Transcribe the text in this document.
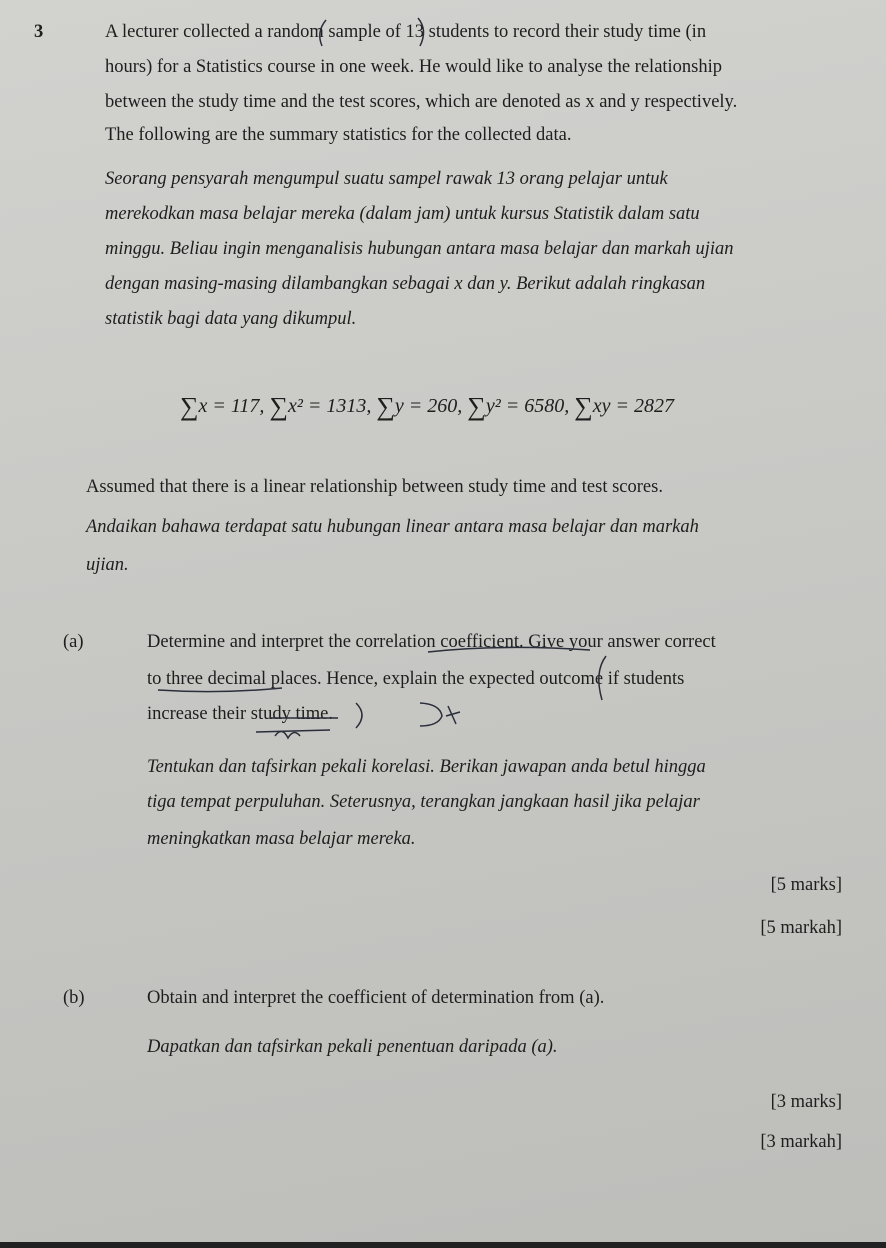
3	A lecturer collected a random sample of 13 students to record their study time (in
hours) for a Statistics course in one week. He would like to analyse the relationship
between the study time and the test scores, which are denoted as x and y respectively.
The following are the summary statistics for the collected data.
Seorang pensyarah mengumpul suatu sampel rawak 13 orang pelajar untuk
merekodkan masa belajar mereka (dalam jam) untuk kursus Statistik dalam satu
minggu. Beliau ingin menganalisis hubungan antara masa belajar dan markah ujian
dengan masing-masing dilambangkan sebagai x dan y. Berikut adalah ringkasan
statistik bagi data yang dikumpul.
∑x = 117, ∑x² = 1313, ∑y = 260, ∑y² = 6580, ∑xy = 2827
Assumed that there is a linear relationship between study time and test scores.
Andaikan bahawa terdapat satu hubungan linear antara masa belajar dan markah
ujian.
(a)	Determine and interpret the correlation coefficient. Give your answer correct
to three decimal places. Hence, explain the expected outcome if students
increase their study time.
Tentukan dan tafsirkan pekali korelasi. Berikan jawapan anda betul hingga
tiga tempat perpuluhan. Seterusnya, terangkan jangkaan hasil jika pelajar
meningkatkan masa belajar mereka.
[5 marks]
[5 markah]
(b)	Obtain and interpret the coefficient of determination from (a).
Dapatkan dan tafsirkan pekali penentuan daripada (a).
[3 marks]
[3 markah]
